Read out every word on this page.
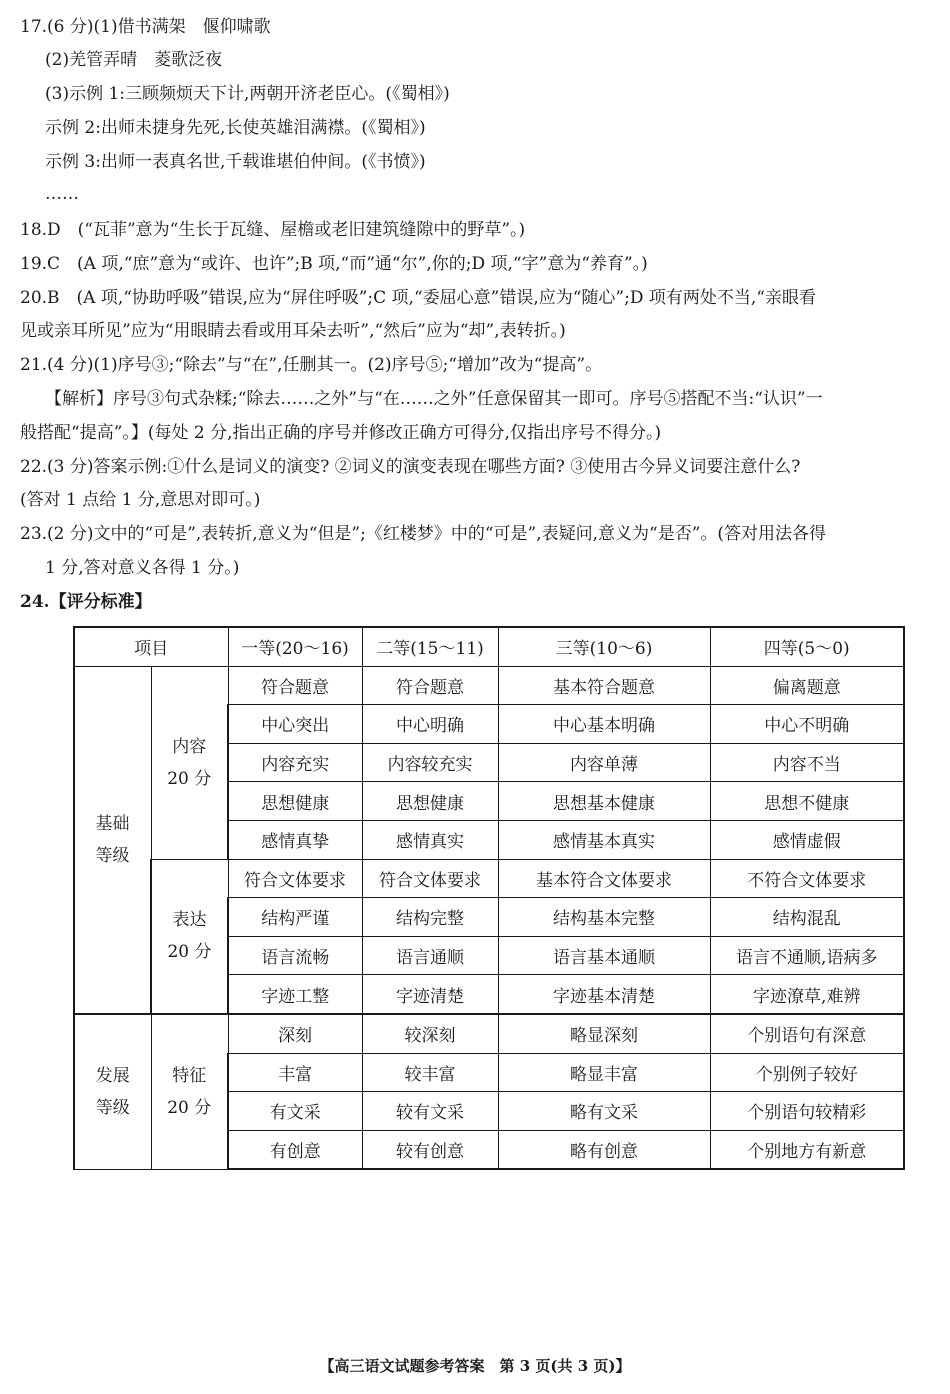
17.(6 分)(1)借书满架　偃仰啸歌
(2)羌管弄晴　菱歌泛夜
(3)示例 1:三顾频烦天下计,两朝开济老臣心。(《蜀相》)
示例 2:出师未捷身先死,长使英雄泪满襟。(《蜀相》)
示例 3:出师一表真名世,千载谁堪伯仲间。(《书愤》)
……
18.D　(“瓦菲”意为“生长于瓦缝、屋檐或老旧建筑缝隙中的野草”。)
19.C　(A 项,“庶”意为“或许、也许”;B 项,“而”通“尔”,你的;D 项,“字”意为“养育”。)
20.B　(A 项,“协助呼吸”错误,应为“屏住呼吸”;C 项,“委屈心意”错误,应为“随心”;D 项有两处不当,“亲眼看
见或亲耳所见”应为“用眼睛去看或用耳朵去听”,“然后”应为“却”,表转折。)
21.(4 分)(1)序号③;“除去”与“在”,任删其一。(2)序号⑤;“增加”改为“提高”。
【解析】序号③句式杂糅;“除去……之外”与“在……之外”任意保留其一即可。序号⑤搭配不当:“认识”一
般搭配“提高”。】(每处 2 分,指出正确的序号并修改正确方可得分,仅指出序号不得分。)
22.(3 分)答案示例:①什么是词义的演变? ②词义的演变表现在哪些方面? ③使用古今异义词要注意什么?
(答对 1 点给 1 分,意思对即可。)
23.(2 分)文中的“可是”,表转折,意义为“但是”;《红楼梦》中的“可是”,表疑问,意义为“是否”。(答对用法各得
1 分,答对意义各得 1 分。)
24.【评分标准】
项目		一等(20～16)	二等(15～11)	三等(10～6)	四等(5～0)

基础
等级	内容
20 分	符合题意	符合题意	基本符合题意	偏离题意
		中心突出	中心明确	中心基本明确	中心不明确
		内容充实	内容较充实	内容单薄	内容不当
		思想健康	思想健康	思想基本健康	思想不健康
		感情真挚	感情真实	感情基本真实	感情虚假

	表达
20 分	符合文体要求	符合文体要求	基本符合文体要求	不符合文体要求
		结构严谨	结构完整	结构基本完整	结构混乱
		语言流畅	语言通顺	语言基本通顺	语言不通顺,语病多
		字迹工整	字迹清楚	字迹基本清楚	字迹潦草,难辨

发展
等级	特征
20 分	深刻	较深刻	略显深刻	个别语句有深意
		丰富	较丰富	略显丰富	个别例子较好
		有文采	较有文采	略有文采	个别语句较精彩
		有创意	较有创意	略有创意	个别地方有新意
【高三语文试题参考答案　第 3 页(共 3 页)】
